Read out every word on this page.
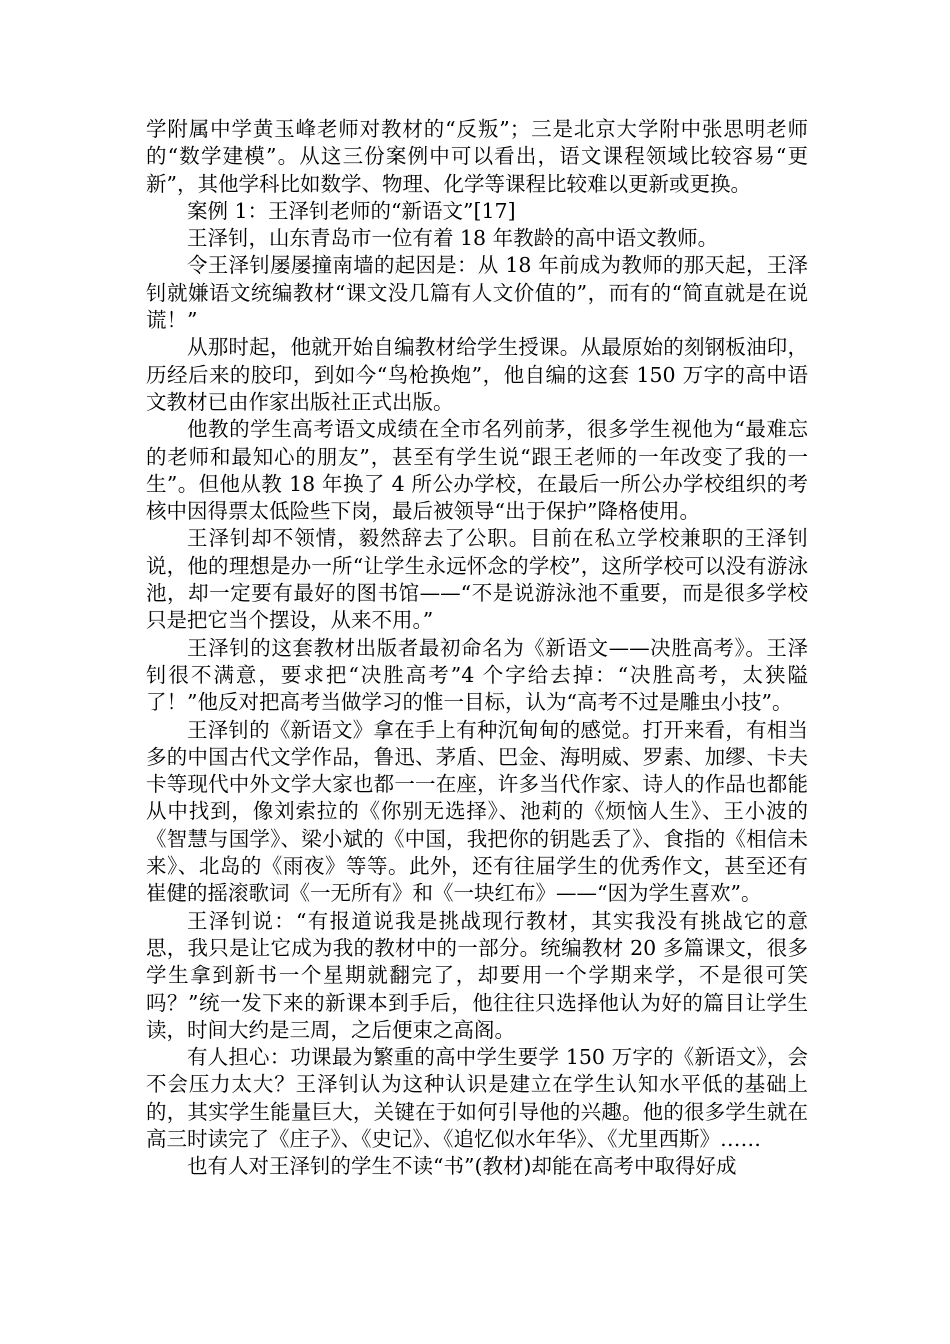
学附属中学黄玉峰老师对教材的“反叛”；三是北京大学附中张思明老师的“数学建模”。从这三份案例中可以看出，语文课程领域比较容易“更新”，其他学科比如数学、物理、化学等课程比较难以更新或更换。

案例 1：王泽钊老师的“新语文”[17]

王泽钊，山东青岛市一位有着 18 年教龄的高中语文教师。

令王泽钊屡屡撞南墙的起因是：从 18 年前成为教师的那天起，王泽钊就嫌语文统编教材“课文没几篇有人文价值的”，而有的“简直就是在说谎！”

从那时起，他就开始自编教材给学生授课。从最原始的刻钢板油印，历经后来的胶印，到如今“鸟枪换炮”，他自编的这套 150 万字的高中语文教材已由作家出版社正式出版。

他教的学生高考语文成绩在全市名列前茅，很多学生视他为“最难忘的老师和最知心的朋友”，甚至有学生说“跟王老师的一年改变了我的一生”。但他从教 18 年换了 4 所公办学校，在最后一所公办学校组织的考核中因得票太低险些下岗，最后被领导“出于保护”降格使用。

王泽钊却不领情，毅然辞去了公职。目前在私立学校兼职的王泽钊说，他的理想是办一所“让学生永远怀念的学校”，这所学校可以没有游泳池，却一定要有最好的图书馆——“不是说游泳池不重要，而是很多学校只是把它当个摆设，从来不用。”

王泽钊的这套教材出版者最初命名为《新语文——决胜高考》。王泽钊很不满意，要求把“决胜高考”4 个字给去掉：“决胜高考，太狭隘了！”他反对把高考当做学习的惟一目标，认为“高考不过是雕虫小技”。

王泽钊的《新语文》拿在手上有种沉甸甸的感觉。打开来看，有相当多的中国古代文学作品，鲁迅、茅盾、巴金、海明威、罗素、加缪、卡夫卡等现代中外文学大家也都一一在座，许多当代作家、诗人的作品也都能从中找到，像刘索拉的《你别无选择》、池莉的《烦恼人生》、王小波的《智慧与国学》、梁小斌的《中国，我把你的钥匙丢了》、食指的《相信未来》、北岛的《雨夜》等等。此外，还有往届学生的优秀作文，甚至还有崔健的摇滚歌词《一无所有》和《一块红布》——“因为学生喜欢”。

王泽钊说：“有报道说我是挑战现行教材，其实我没有挑战它的意思，我只是让它成为我的教材中的一部分。统编教材 20 多篇课文，很多学生拿到新书一个星期就翻完了，却要用一个学期来学，不是很可笑吗？”统一发下来的新课本到手后，他往往只选择他认为好的篇目让学生读，时间大约是三周，之后便束之高阁。

有人担心：功课最为繁重的高中学生要学 150 万字的《新语文》，会不会压力太大？王泽钊认为这种认识是建立在学生认知水平低的基础上的，其实学生能量巨大，关键在于如何引导他的兴趣。他的很多学生就在高三时读完了《庄子》、《史记》、《追忆似水年华》、《尤里西斯》……

也有人对王泽钊的学生不读“书”(教材)却能在高考中取得好成
